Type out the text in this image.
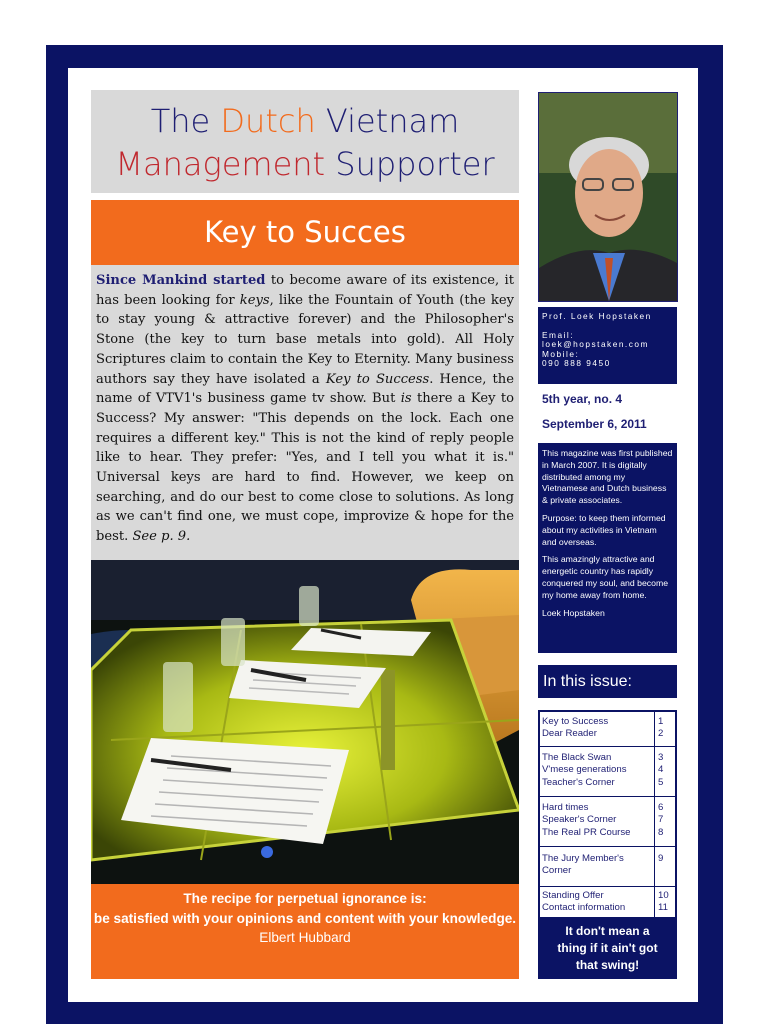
The Dutch Vietnam
Management Supporter
Key to Succes

Since Mankind started to become aware of its existence, it has been looking for keys, like the Fountain of Youth (the key to stay young & attractive forever) and the Philosopher's Stone (the key to turn base metals into gold). All Holy Scriptures claim to contain the Key to Eternity. Many business authors say they have isolated a Key to Success. Hence, the name of VTV1's business game tv show. But is there a Key to Success? My answer: "This depends on the lock. Each one requires a different key." This is not the kind of reply people like to hear. They prefer: "Yes, and I tell you what it is." Universal keys are hard to find. However, we keep on searching, and do our best to come close to solutions. As long as we can't find one, we must cope, improvize & hope for the best. See p. 9.

The recipe for perpetual ignorance is:
be satisfied with your opinions and content with your knowledge.
Elbert Hubbard
Prof. Loek Hopstaken
Email:
loek@hopstaken.com
Mobile:
090 888 9450
5th year, no. 4
September 6, 2011

This magazine was first published in March 2007. It is digitally distributed among my Vietnamese and Dutch business & private associates.

Purpose: to keep them informed about my activities in Vietnam and overseas.

This amazingly attractive and energetic country has rapidly conquered my soul, and become my home away from home.

Loek Hopstaken

In this issue:
Key to Success	1
Dear Reader	2
The Black Swan	3
V'mese generations	4
Teacher's Corner	5
Hard times	6
Speaker's Corner	7
The Real PR Course	8
The Jury Member's	9
Corner
Standing Offer	10
Contact information	11
It don't mean a
thing if it ain't got
that swing!
